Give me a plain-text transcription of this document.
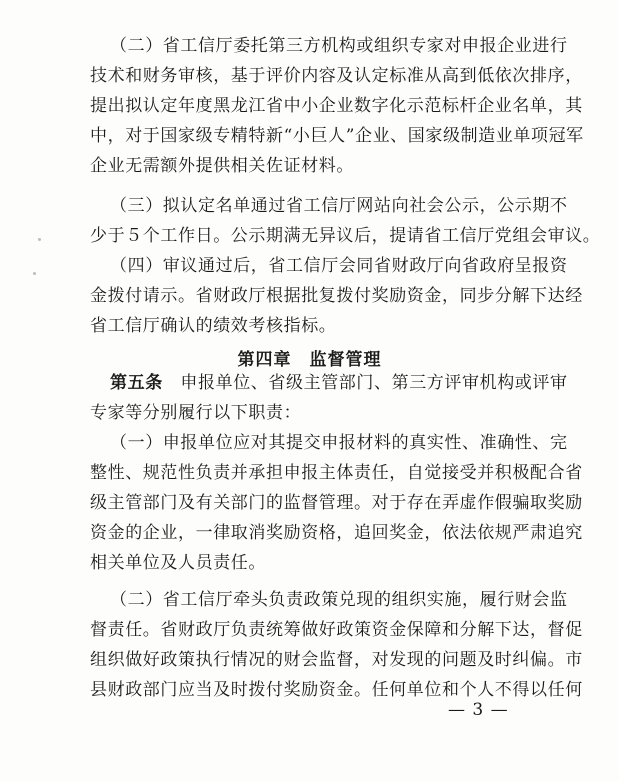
（二）省工信厅委托第三方机构或组织专家对申报企业进行
技术和财务审核，基于评价内容及认定标准从高到低依次排序，
提出拟认定年度黑龙江省中小企业数字化示范标杆企业名单，其
中，对于国家级专精特新“小巨人”企业、国家级制造业单项冠军
企业无需额外提供相关佐证材料。
（三）拟认定名单通过省工信厅网站向社会公示，公示期不
少于５个工作日。公示期满无异议后，提请省工信厅党组会审议。
（四）审议通过后，省工信厅会同省财政厅向省政府呈报资
金拨付请示。省财政厅根据批复拨付奖励资金，同步分解下达经
省工信厅确认的绩效考核指标。
第四章　监督管理
第五条　申报单位、省级主管部门、第三方评审机构或评审
专家等分别履行以下职责：
（一）申报单位应对其提交申报材料的真实性、准确性、完
整性、规范性负责并承担申报主体责任，自觉接受并积极配合省
级主管部门及有关部门的监督管理。对于存在弄虚作假骗取奖励
资金的企业，一律取消奖励资格，追回奖金，依法依规严肃追究
相关单位及人员责任。
（二）省工信厅牵头负责政策兑现的组织实施，履行财会监
督责任。省财政厅负责统筹做好政策资金保障和分解下达，督促
组织做好政策执行情况的财会监督，对发现的问题及时纠偏。市
县财政部门应当及时拨付奖励资金。任何单位和个人不得以任何
— 3 —
